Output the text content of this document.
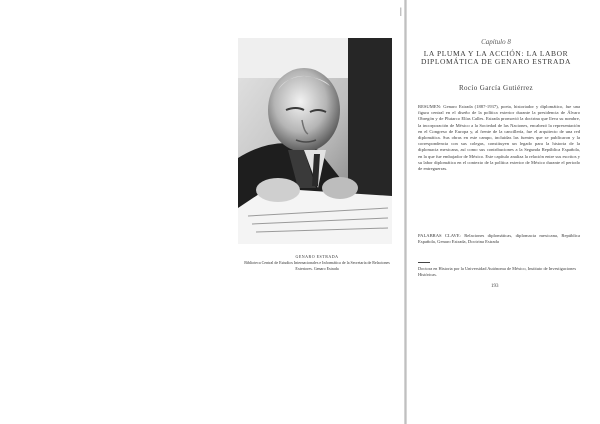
|
GENARO ESTRADA
Biblioteca Central de Estudios Internacionales e Informática de la Secretaría de Relaciones Exteriores. Genaro Estrada
Capítulo 8
LA PLUMA Y LA ACCIÓN: LA LABOR
DIPLOMÁTICA DE GENARO ESTRADA
Rocío García Gutiérrez
RESUMEN: Genaro Estrada (1887-1937), poeta, historiador y diplomático, fue una figura central en el diseño de la política exterior durante la presidencia de Álvaro Obregón y de Plutarco Elías Calles. Estrada promovió la doctrina que lleva su nombre, la incorporación de México a la Sociedad de las Naciones, encabezó la representación en el Congreso de Europa y, al frente de la cancillería, fue el arquitecto de una red diplomática. Sus obras en este campo, incluidas las fuentes que se publicaron y la correspondencia con sus colegas, constituyen un legado para la historia de la diplomacia mexicana, así como sus contribuciones a la Segunda República Española, en la que fue embajador de México. Este capítulo analiza la relación entre sus escritos y su labor diplomática en el contexto de la política exterior de México durante el periodo de entreguerras.
PALABRAS CLAVE: Relaciones diplomáticas, diplomacia mexicana, República Española, Genaro Estrada, Doctrina Estrada
Doctora en Historia por la Universidad Autónoma de México, Instituto de Investigaciones Históricas.
193
